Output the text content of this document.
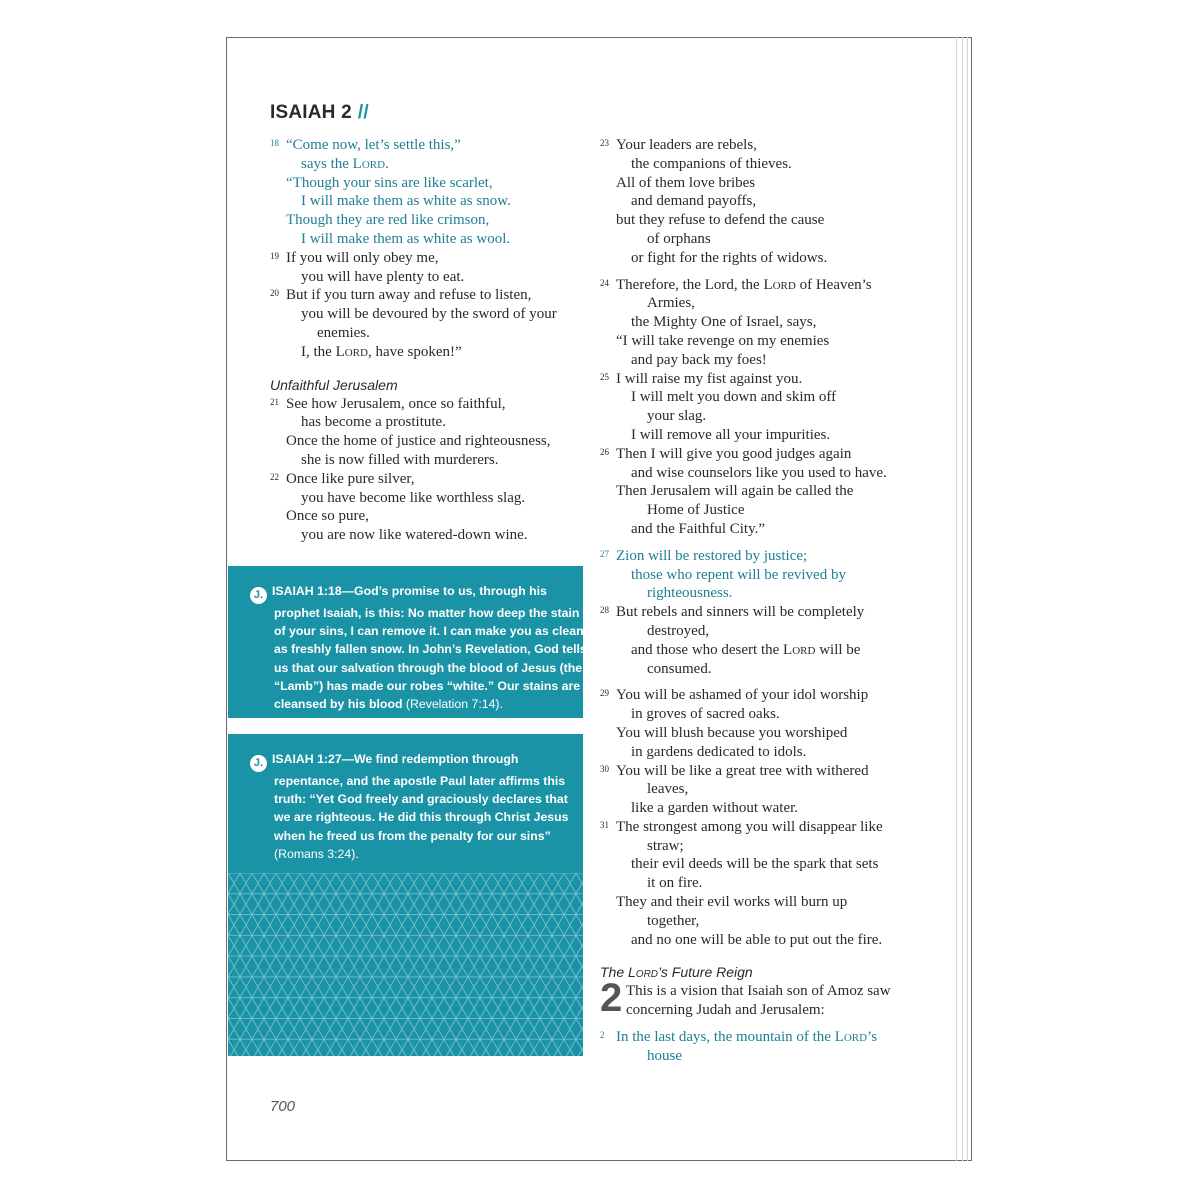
ISAIAH 2 //
18 “Come now, let’s settle this,”
says the Lord.
“Though your sins are like scarlet,
I will make them as white as snow.
Though they are red like crimson,
I will make them as white as wool.
19 If you will only obey me,
you will have plenty to eat.
20 But if you turn away and refuse to listen,
you will be devoured by the sword of your
enemies.
I, the Lord, have spoken!”
Unfaithful Jerusalem
21 See how Jerusalem, once so faithful,
has become a prostitute.
Once the home of justice and righteousness,
she is now filled with murderers.
22 Once like pure silver,
you have become like worthless slag.
Once so pure,
you are now like watered-down wine.
J. ISAIAH 1:18—God’s promise to us, through his
prophet Isaiah, is this: No matter how deep the stain
of your sins, I can remove it. I can make you as clean
as freshly fallen snow. In John’s Revelation, God tells
us that our salvation through the blood of Jesus (the
“Lamb”) has made our robes “white.” Our stains are
cleansed by his blood (Revelation 7:14).
J. ISAIAH 1:27—We find redemption through
repentance, and the apostle Paul later affirms this
truth: “Yet God freely and graciously declares that
we are righteous. He did this through Christ Jesus
when he freed us from the penalty for our sins”
(Romans 3:24).
23 Your leaders are rebels,
the companions of thieves.
All of them love bribes
and demand payoffs,
but they refuse to defend the cause
of orphans
or fight for the rights of widows.
24 Therefore, the Lord, the Lord of Heaven’s
Armies,
the Mighty One of Israel, says,
“I will take revenge on my enemies
and pay back my foes!
25 I will raise my fist against you.
I will melt you down and skim off
your slag.
I will remove all your impurities.
26 Then I will give you good judges again
and wise counselors like you used to have.
Then Jerusalem will again be called the
Home of Justice
and the Faithful City.”
27 Zion will be restored by justice;
those who repent will be revived by
righteousness.
28 But rebels and sinners will be completely
destroyed,
and those who desert the Lord will be
consumed.
29 You will be ashamed of your idol worship
in groves of sacred oaks.
You will blush because you worshiped
in gardens dedicated to idols.
30 You will be like a great tree with withered
leaves,
like a garden without water.
31 The strongest among you will disappear like
straw;
their evil deeds will be the spark that sets
it on fire.
They and their evil works will burn up
together,
and no one will be able to put out the fire.
The Lord’s Future Reign
2 This is a vision that Isaiah son of Amoz saw
concerning Judah and Jerusalem:
2 In the last days, the mountain of the Lord’s
house
700
